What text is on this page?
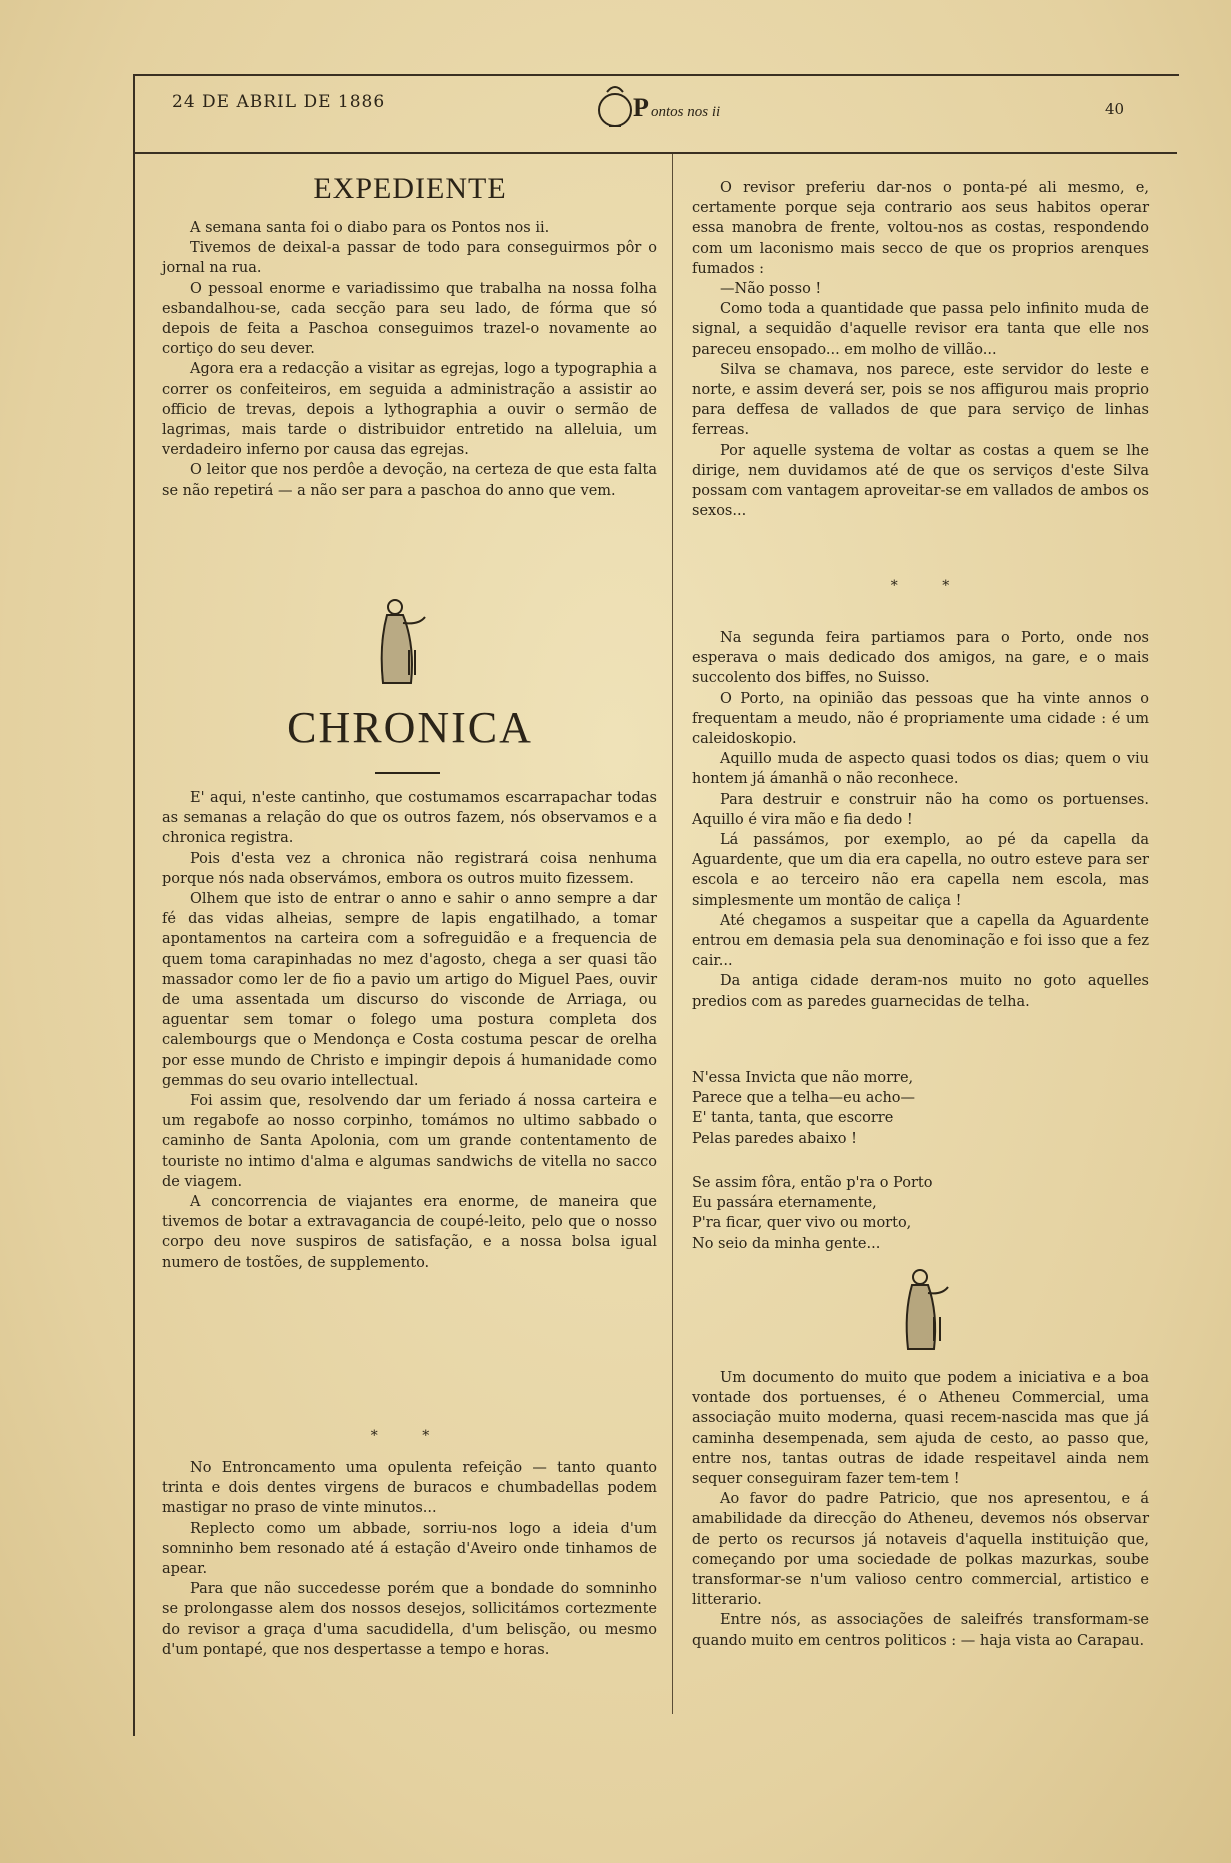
24 DE ABRIL DE 1886	P ontos nos ii	40
EXPEDIENTE

A semana santa foi o diabo para os Pontos nos ii.

Tivemos de deixal-a passar de todo para conseguirmos pôr o jornal na rua.

O pessoal enorme e variadissimo que trabalha na nossa folha esbandalhou-se, cada secção para seu lado, de fórma que só depois de feita a Paschoa conseguimos trazel-o novamente ao cortiço do seu dever.

Agora era a redacção a visitar as egrejas, logo a typographia a correr os confeiteiros, em seguida a administração a assistir ao officio de trevas, depois a lythographia a ouvir o sermão de lagrimas, mais tarde o distribuidor entretido na alleluia, um verdadeiro inferno por causa das egrejas.

O leitor que nos perdôe a devoção, na certeza de que esta falta se não repetirá — a não ser para a paschoa do anno que vem.

CHRONICA

E' aqui, n'este cantinho, que costumamos escarrapachar todas as semanas a relação do que os outros fazem, nós observamos e a chronica registra.

Pois d'esta vez a chronica não registrará coisa nenhuma porque nós nada observámos, embora os outros muito fizessem.

Olhem que isto de entrar o anno e sahir o anno sempre a dar fé das vidas alheias, sempre de lapis engatilhado, a tomar apontamentos na carteira com a sofreguidão e a frequencia de quem toma carapinhadas no mez d'agosto, chega a ser quasi tão massador como ler de fio a pavio um artigo do Miguel Paes, ouvir de uma assentada um discurso do visconde de Arriaga, ou aguentar sem tomar o folego uma postura completa dos calembourgs que o Mendonça e Costa costuma pescar de orelha por esse mundo de Christo e impingir depois á humanidade como gemmas do seu ovario intellectual.

Foi assim que, resolvendo dar um feriado á nossa carteira e um regabofe ao nosso corpinho, tomámos no ultimo sabbado o caminho de Santa Apolonia, com um grande contentamento de touriste no intimo d'alma e algumas sandwichs de vitella no sacco de viagem.

A concorrencia de viajantes era enorme, de maneira que tivemos de botar a extravagancia de coupé-leito, pelo que o nosso corpo deu nove suspiros de satisfação, e a nossa bolsa igual numero de tostões, de supplemento.

* *

No Entroncamento uma opulenta refeição — tanto quanto trinta e dois dentes virgens de buracos e chumbadellas podem mastigar no praso de vinte minutos...

Replecto como um abbade, sorriu-nos logo a ideia d'um somninho bem resonado até á estação d'Aveiro onde tinhamos de apear.

Para que não succedesse porém que a bondade do somninho se prolongasse alem dos nossos desejos, sollicitámos cortezmente do revisor a graça d'uma sacudidella, d'um belisção, ou mesmo d'um pontapé, que nos despertasse a tempo e horas.

O revisor preferiu dar-nos o ponta-pé ali mesmo, e, certamente porque seja contrario aos seus habitos operar essa manobra de frente, voltou-nos as costas, respondendo com um laconismo mais secco de que os proprios arenques fumados :

—Não posso !

Como toda a quantidade que passa pelo infinito muda de signal, a sequidão d'aquelle revisor era tanta que elle nos pareceu ensopado... em molho de villão...

Silva se chamava, nos parece, este servidor do leste e norte, e assim deverá ser, pois se nos affigurou mais proprio para deffesa de vallados de que para serviço de linhas ferreas.

Por aquelle systema de voltar as costas a quem se lhe dirige, nem duvidamos até de que os serviços d'este Silva possam com vantagem aproveitar-se em vallados de ambos os sexos...

* *

Na segunda feira partiamos para o Porto, onde nos esperava o mais dedicado dos amigos, na gare, e o mais succolento dos biffes, no Suisso.

O Porto, na opinião das pessoas que ha vinte annos o frequentam a meudo, não é propriamente uma cidade : é um caleidoskopio.

Aquillo muda de aspecto quasi todos os dias; quem o viu hontem já ámanhã o não reconhece.

Para destruir e construir não ha como os portuenses. Aquillo é vira mão e fia dedo !

Lá passámos, por exemplo, ao pé da capella da Aguardente, que um dia era capella, no outro esteve para ser escola e ao terceiro não era capella nem escola, mas simplesmente um montão de caliça !

Até chegamos a suspeitar que a capella da Aguardente entrou em demasia pela sua denominação e foi isso que a fez cair...

Da antiga cidade deram-nos muito no goto aquelles predios com as paredes guarnecidas de telha.

N'essa Invicta que não morre,

Parece que a telha—eu acho—

E' tanta, tanta, que escorre

Pelas paredes abaixo !

Se assim fôra, então p'ra o Porto

Eu passára eternamente,

P'ra ficar, quer vivo ou morto,

No seio da minha gente...

Um documento do muito que podem a iniciativa e a boa vontade dos portuenses, é o Atheneu Commercial, uma associação muito moderna, quasi recem-nascida mas que já caminha desempenada, sem ajuda de cesto, ao passo que, entre nos, tantas outras de idade respeitavel ainda nem sequer conseguiram fazer tem-tem !

Ao favor do padre Patricio, que nos apresentou, e á amabilidade da direcção do Atheneu, devemos nós observar de perto os recursos já notaveis d'aquella instituição que, começando por uma sociedade de polkas mazurkas, soube transformar-se n'um valioso centro commercial, artistico e litterario.

Entre nós, as associações de saleifrés transformam-se quando muito em centros politicos : — haja vista ao Carapau.
